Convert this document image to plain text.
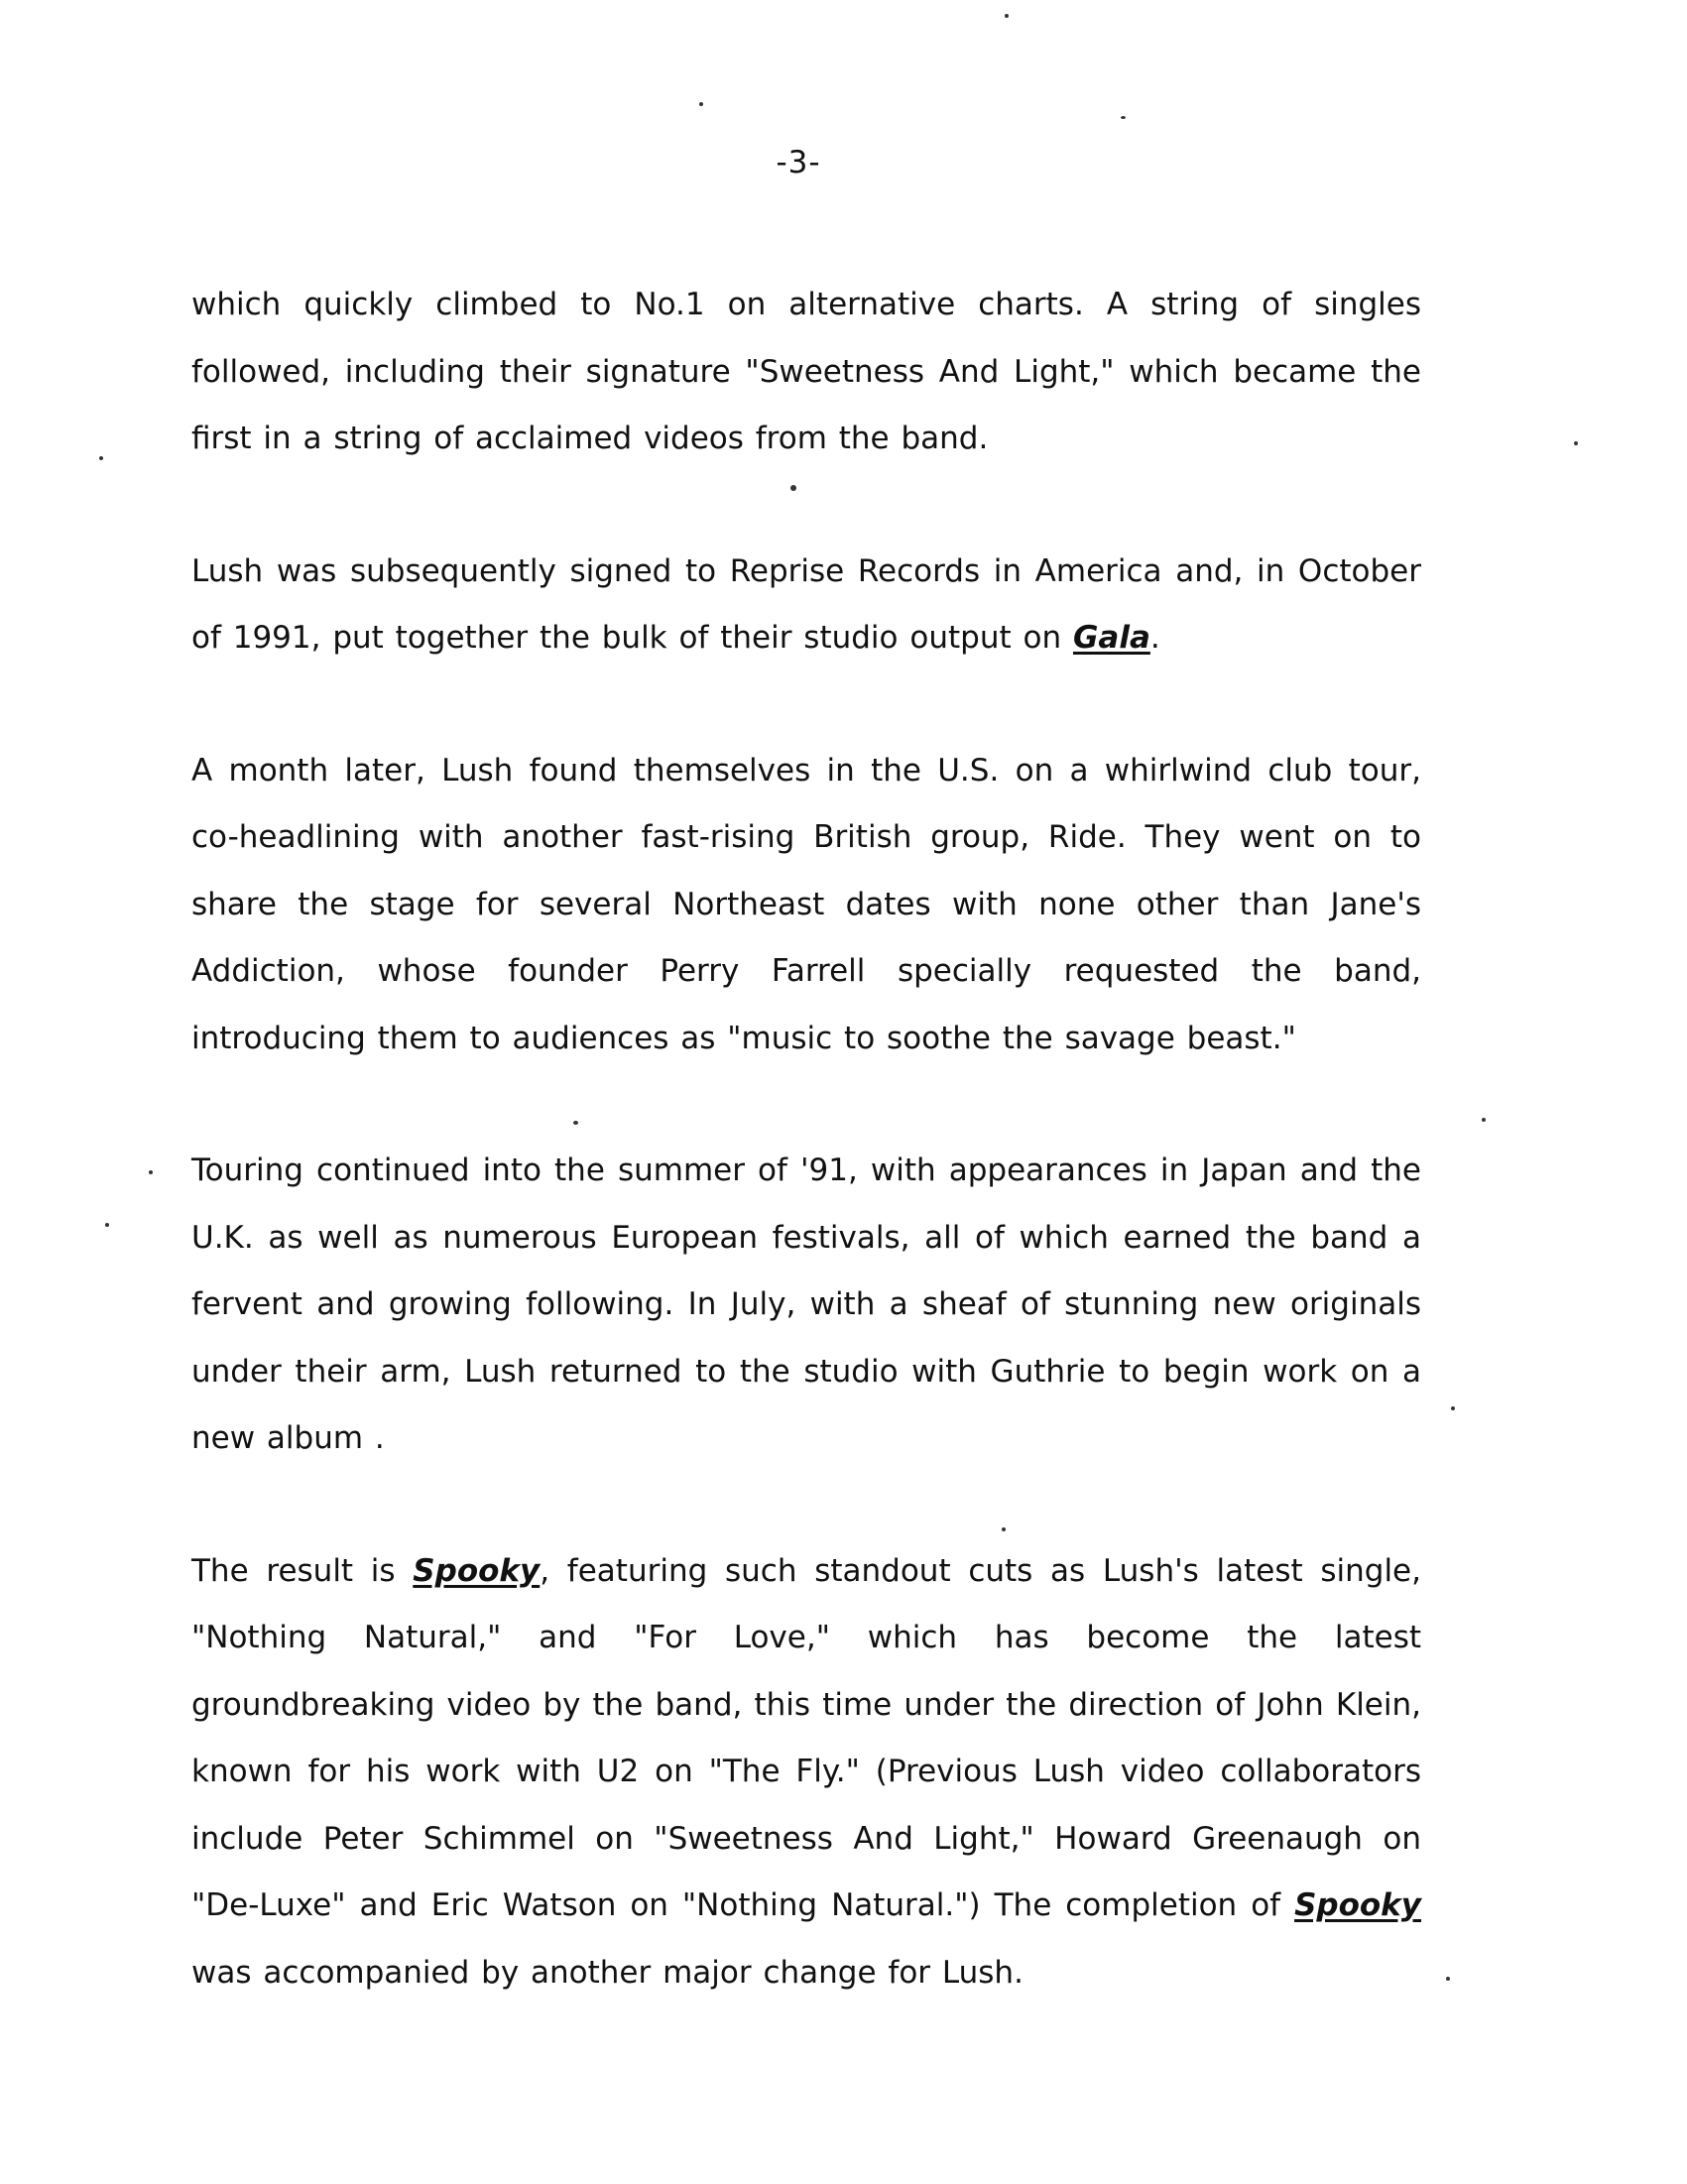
-3-

which quickly climbed to No.1 on alternative charts. A string of singles followed, including their signature "Sweetness And Light," which became the first in a string of acclaimed videos from the band.

Lush was subsequently signed to Reprise Records in America and, in October of 1991, put together the bulk of their studio output on Gala.

A month later, Lush found themselves in the U.S. on a whirlwind club tour, co-headlining with another fast-rising British group, Ride. They went on to share the stage for several Northeast dates with none other than Jane's Addiction, whose founder Perry Farrell specially requested the band, introducing them to audiences as "music to soothe the savage beast."

Touring continued into the summer of '91, with appearances in Japan and the U.K. as well as numerous European festivals, all of which earned the band a fervent and growing following. In July, with a sheaf of stunning new originals under their arm, Lush returned to the studio with Guthrie to begin work on a new album .

The result is Spooky, featuring such standout cuts as Lush's latest single, "Nothing Natural," and "For Love," which has become the latest groundbreaking video by the band, this time under the direction of John Klein, known for his work with U2 on "The Fly." (Previous Lush video collaborators include Peter Schimmel on "Sweetness And Light," Howard Greenaugh on "De-Luxe" and Eric Watson on "Nothing Natural.") The completion of Spooky was accompanied by another major change for Lush.
